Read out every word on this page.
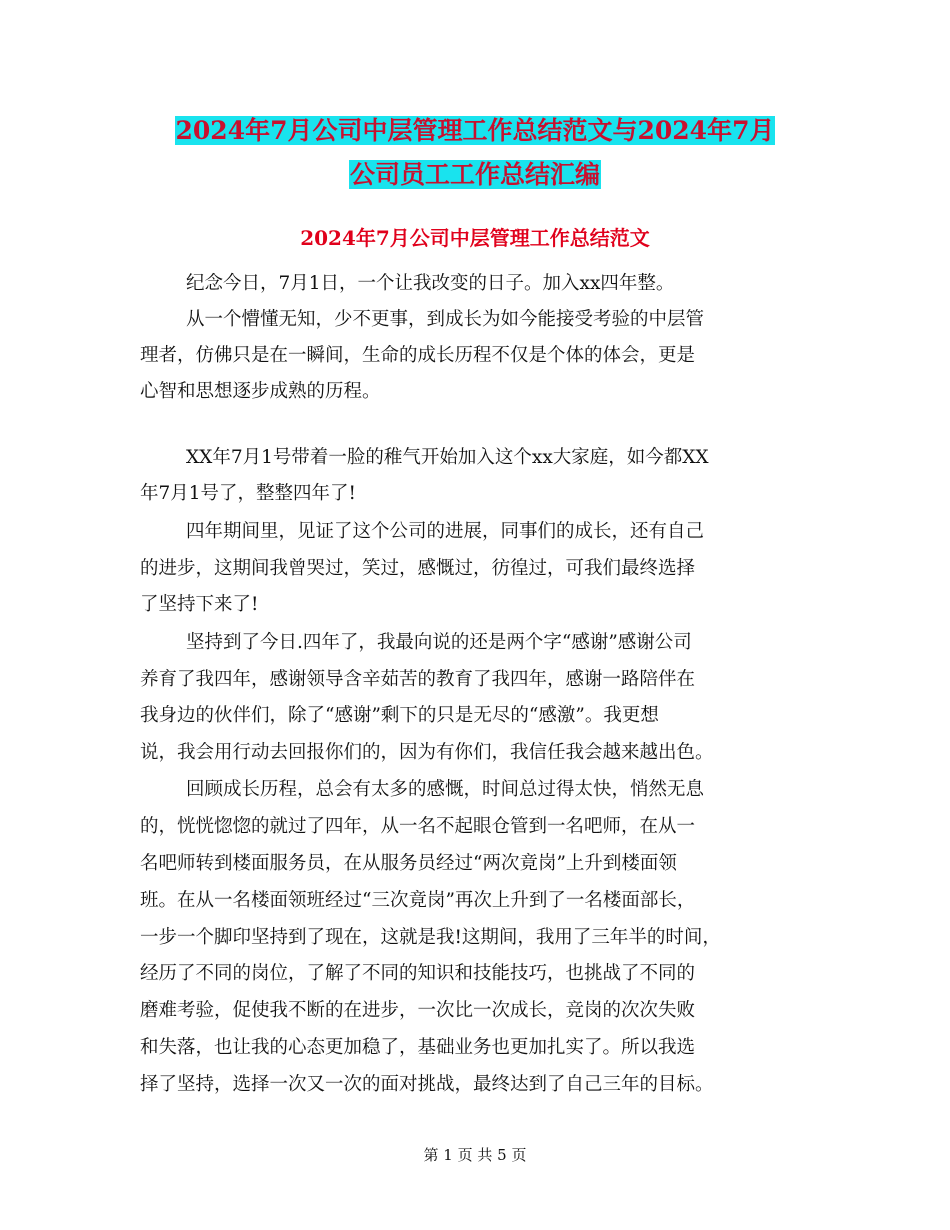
2024年7月公司中层管理工作总结范文与2024年7月
公司员工工作总结汇编
2024年7月公司中层管理工作总结范文
纪念今日，7月1日，一个让我改变的日子。加入xx四年整。
从一个懵懂无知，少不更事，到成长为如今能接受考验的中层管
理者，仿佛只是在一瞬间，生命的成长历程不仅是个体的体会，更是
心智和思想逐步成熟的历程。
XX年7月1号带着一脸的稚气开始加入这个xx大家庭，如今都XX
年7月1号了，整整四年了!
四年期间里，见证了这个公司的进展，同事们的成长，还有自己
的进步，这期间我曾哭过，笑过，感慨过，彷徨过，可我们最终选择
了坚持下来了!
坚持到了今日.四年了，我最向说的还是两个字“感谢”感谢公司
养育了我四年，感谢领导含辛茹苦的教育了我四年，感谢一路陪伴在
我身边的伙伴们，除了“感谢”剩下的只是无尽的“感激”。我更想
说，我会用行动去回报你们的，因为有你们，我信任我会越来越出色。
回顾成长历程，总会有太多的感慨，时间总过得太快，悄然无息
的，恍恍惚惚的就过了四年，从一名不起眼仓管到一名吧师，在从一
名吧师转到楼面服务员，在从服务员经过“两次竟岗”上升到楼面领
班。在从一名楼面领班经过“三次竟岗”再次上升到了一名楼面部长，
一步一个脚印坚持到了现在，这就是我!这期间，我用了三年半的时间，
经历了不同的岗位，了解了不同的知识和技能技巧，也挑战了不同的
磨难考验，促使我不断的在进步，一次比一次成长，竞岗的次次失败
和失落，也让我的心态更加稳了，基础业务也更加扎实了。所以我选
择了坚持，选择一次又一次的面对挑战，最终达到了自己三年的目标。
第 1 页 共 5 页
